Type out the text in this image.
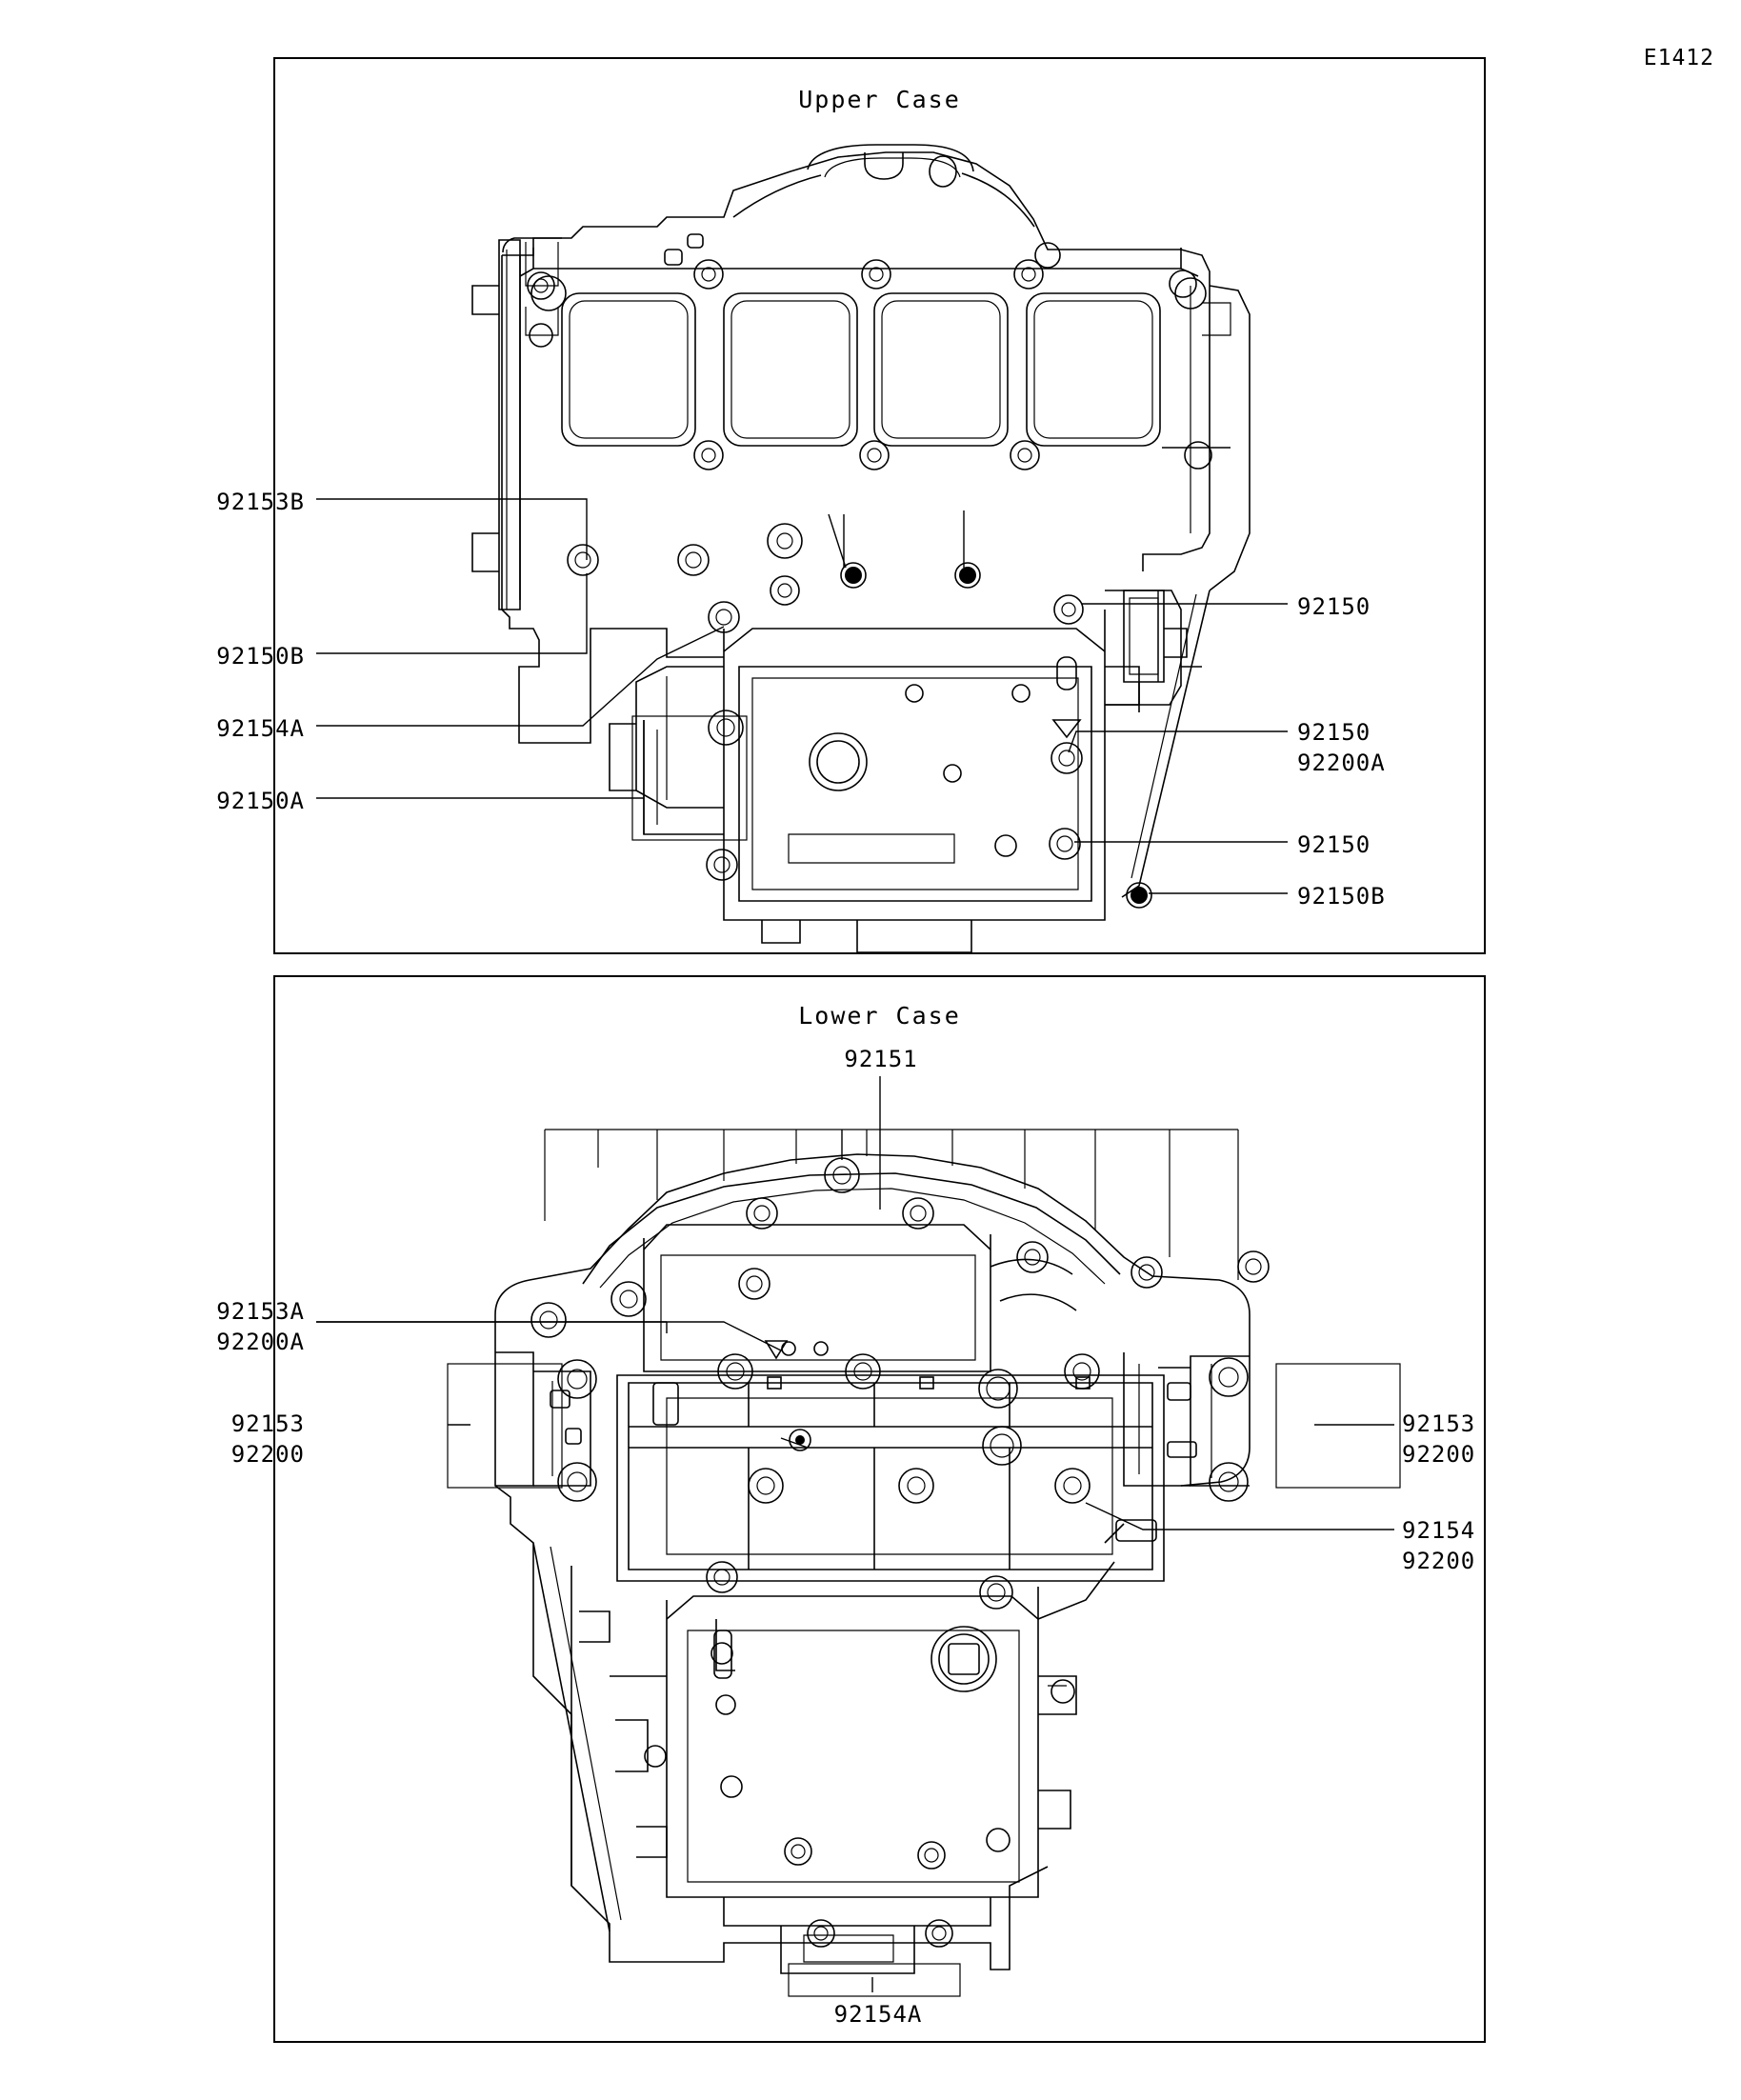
E1412
Upper Case
Lower Case
92153B
92150B
92154A
92150A
92150
92150
92200A
92150
92150B
92151
92153A
92200A
92153
92200
92153
92200
92154
92200
92154A
